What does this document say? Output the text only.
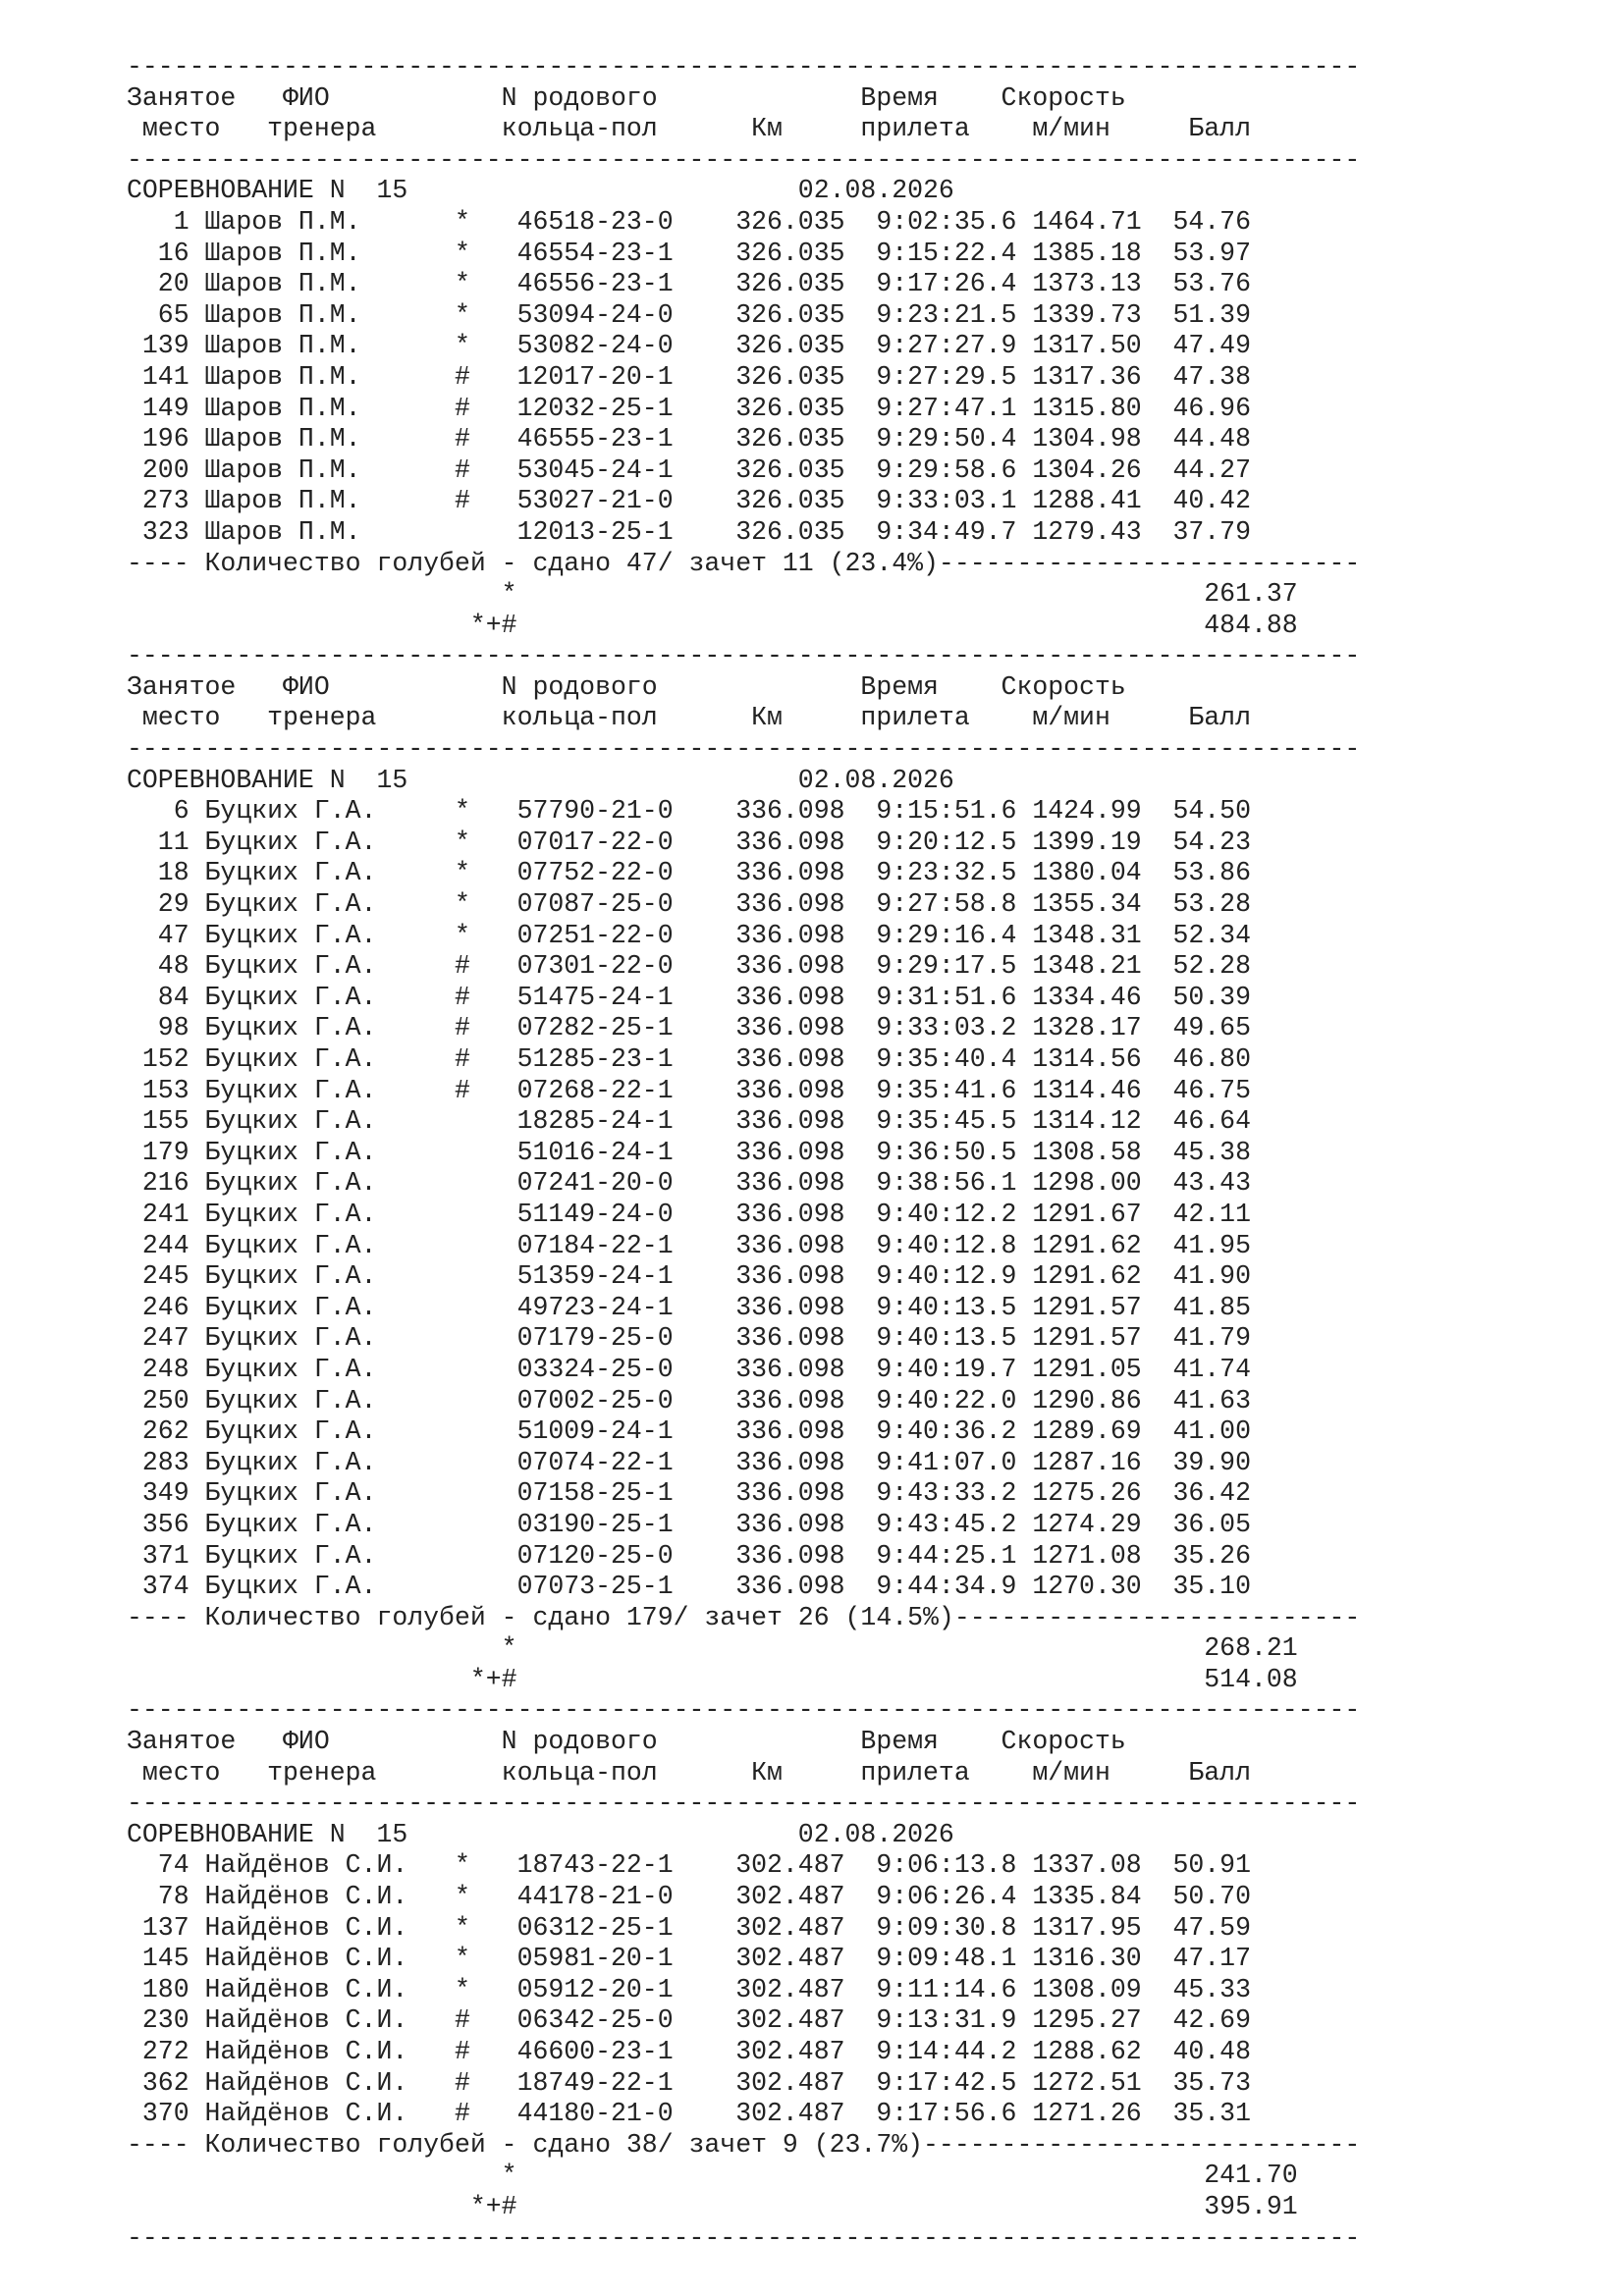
-------------------------------------------------------------------------------
Занятое   ФИО           N родового             Время    Скорость
место   тренера        кольца-пол      Км     прилета    м/мин     Балл
-------------------------------------------------------------------------------
СОРЕВНОВАНИЕ N  15                         02.08.2026
1 Шаров П.М.      *   46518-23-0    326.035  9:02:35.6 1464.71  54.76
16 Шаров П.М.      *   46554-23-1    326.035  9:15:22.4 1385.18  53.97
20 Шаров П.М.      *   46556-23-1    326.035  9:17:26.4 1373.13  53.76
65 Шаров П.М.      *   53094-24-0    326.035  9:23:21.5 1339.73  51.39
139 Шаров П.М.      *   53082-24-0    326.035  9:27:27.9 1317.50  47.49
141 Шаров П.М.      #   12017-20-1    326.035  9:27:29.5 1317.36  47.38
149 Шаров П.М.      #   12032-25-1    326.035  9:27:47.1 1315.80  46.96
196 Шаров П.М.      #   46555-23-1    326.035  9:29:50.4 1304.98  44.48
200 Шаров П.М.      #   53045-24-1    326.035  9:29:58.6 1304.26  44.27
273 Шаров П.М.      #   53027-21-0    326.035  9:33:03.1 1288.41  40.42
323 Шаров П.М.          12013-25-1    326.035  9:34:49.7 1279.43  37.79
---- Количество голубей - сдано 47/ зачет 11 (23.4%)---------------------------
*                                            261.37
*+#                                            484.88
-------------------------------------------------------------------------------
Занятое   ФИО           N родового             Время    Скорость
место   тренера        кольца-пол      Км     прилета    м/мин     Балл
-------------------------------------------------------------------------------
СОРЕВНОВАНИЕ N  15                         02.08.2026
6 Буцких Г.А.     *   57790-21-0    336.098  9:15:51.6 1424.99  54.50
11 Буцких Г.А.     *   07017-22-0    336.098  9:20:12.5 1399.19  54.23
18 Буцких Г.А.     *   07752-22-0    336.098  9:23:32.5 1380.04  53.86
29 Буцких Г.А.     *   07087-25-0    336.098  9:27:58.8 1355.34  53.28
47 Буцких Г.А.     *   07251-22-0    336.098  9:29:16.4 1348.31  52.34
48 Буцких Г.А.     #   07301-22-0    336.098  9:29:17.5 1348.21  52.28
84 Буцких Г.А.     #   51475-24-1    336.098  9:31:51.6 1334.46  50.39
98 Буцких Г.А.     #   07282-25-1    336.098  9:33:03.2 1328.17  49.65
152 Буцких Г.А.     #   51285-23-1    336.098  9:35:40.4 1314.56  46.80
153 Буцких Г.А.     #   07268-22-1    336.098  9:35:41.6 1314.46  46.75
155 Буцких Г.А.         18285-24-1    336.098  9:35:45.5 1314.12  46.64
179 Буцких Г.А.         51016-24-1    336.098  9:36:50.5 1308.58  45.38
216 Буцких Г.А.         07241-20-0    336.098  9:38:56.1 1298.00  43.43
241 Буцких Г.А.         51149-24-0    336.098  9:40:12.2 1291.67  42.11
244 Буцких Г.А.         07184-22-1    336.098  9:40:12.8 1291.62  41.95
245 Буцких Г.А.         51359-24-1    336.098  9:40:12.9 1291.62  41.90
246 Буцких Г.А.         49723-24-1    336.098  9:40:13.5 1291.57  41.85
247 Буцких Г.А.         07179-25-0    336.098  9:40:13.5 1291.57  41.79
248 Буцких Г.А.         03324-25-0    336.098  9:40:19.7 1291.05  41.74
250 Буцких Г.А.         07002-25-0    336.098  9:40:22.0 1290.86  41.63
262 Буцких Г.А.         51009-24-1    336.098  9:40:36.2 1289.69  41.00
283 Буцких Г.А.         07074-22-1    336.098  9:41:07.0 1287.16  39.90
349 Буцких Г.А.         07158-25-1    336.098  9:43:33.2 1275.26  36.42
356 Буцких Г.А.         03190-25-1    336.098  9:43:45.2 1274.29  36.05
371 Буцких Г.А.         07120-25-0    336.098  9:44:25.1 1271.08  35.26
374 Буцких Г.А.         07073-25-1    336.098  9:44:34.9 1270.30  35.10
---- Количество голубей - сдано 179/ зачет 26 (14.5%)--------------------------
*                                            268.21
*+#                                            514.08
-------------------------------------------------------------------------------
Занятое   ФИО           N родового             Время    Скорость
место   тренера        кольца-пол      Км     прилета    м/мин     Балл
-------------------------------------------------------------------------------
СОРЕВНОВАНИЕ N  15                         02.08.2026
74 Найдёнов С.И.   *   18743-22-1    302.487  9:06:13.8 1337.08  50.91
78 Найдёнов С.И.   *   44178-21-0    302.487  9:06:26.4 1335.84  50.70
137 Найдёнов С.И.   *   06312-25-1    302.487  9:09:30.8 1317.95  47.59
145 Найдёнов С.И.   *   05981-20-1    302.487  9:09:48.1 1316.30  47.17
180 Найдёнов С.И.   *   05912-20-1    302.487  9:11:14.6 1308.09  45.33
230 Найдёнов С.И.   #   06342-25-0    302.487  9:13:31.9 1295.27  42.69
272 Найдёнов С.И.   #   46600-23-1    302.487  9:14:44.2 1288.62  40.48
362 Найдёнов С.И.   #   18749-22-1    302.487  9:17:42.5 1272.51  35.73
370 Найдёнов С.И.   #   44180-21-0    302.487  9:17:56.6 1271.26  35.31
---- Количество голубей - сдано 38/ зачет 9 (23.7%)----------------------------
*                                            241.70
*+#                                            395.91
-------------------------------------------------------------------------------
